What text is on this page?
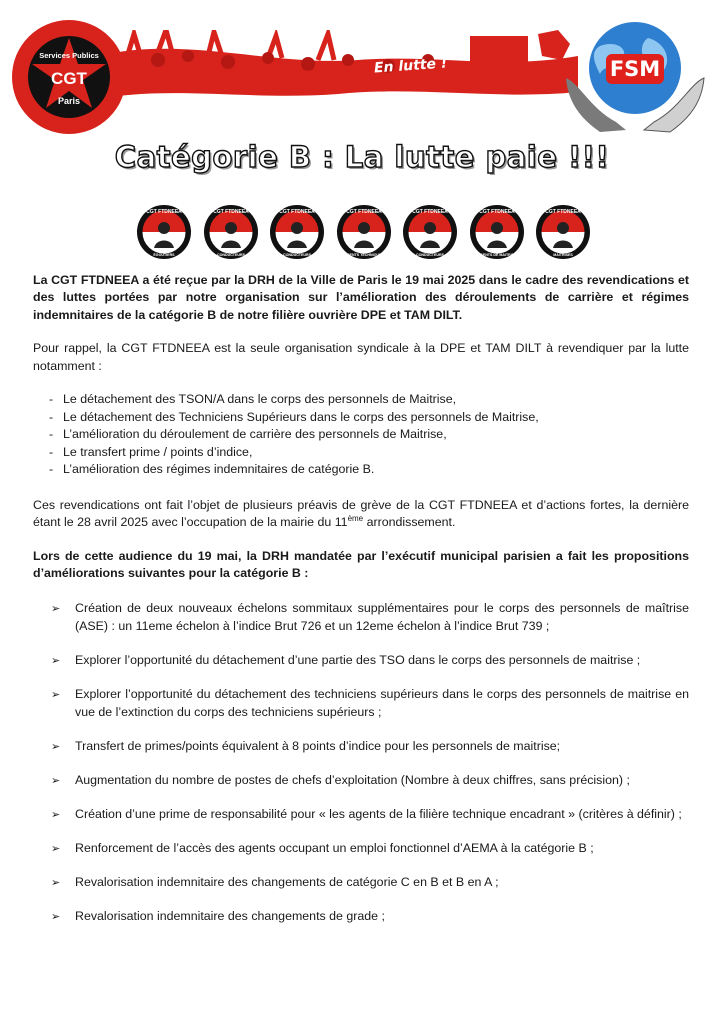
En lutte !
Services Publics
CGT
Paris
FSM
Catégorie B : La lutte paie !!!
CGT FTDNEEA
ÉGOUTIERS
CGT FTDNEEA
CONDUCTEURS
CGT FTDNEEA
CONDUCTEURS
CGT FTDNEEA
AGENTS TECHNIQUES
CGT FTDNEEA
CONDUCTEURS
CGT FTDNEEA
AGENTS DE MAITRISE
CGT FTDNEEA
MAITRISES

La CGT FTDNEEA a été reçue par la DRH de la Ville de Paris le 19 mai 2025 dans le cadre des revendications et des luttes portées par notre organisation sur l’amélioration des déroulements de carrière et régimes indemnitaires de la catégorie B de notre filière ouvrière DPE et TAM DILT.

Pour rappel, la CGT FTDNEEA est la seule organisation syndicale à la DPE et TAM DILT à revendiquer par la lutte notamment :

- Le détachement des TSON/A dans le corps des personnels de Maitrise,
- Le détachement des Techniciens Supérieurs dans le corps des personnels de Maitrise,
- L’amélioration du déroulement de carrière des personnels de Maitrise,
- Le transfert prime / points d’indice,
- L’amélioration des régimes indemnitaires de catégorie B.

Ces revendications ont fait l’objet de plusieurs préavis de grève de la CGT FTDNEEA et d’actions fortes, la dernière étant le 28 avril 2025 avec l’occupation de la mairie du 11ème arrondissement.

Lors de cette audience du 19 mai, la DRH mandatée par l’exécutif municipal parisien a fait les propositions d’améliorations suivantes pour la catégorie B :

➢ Création de deux nouveaux échelons sommitaux supplémentaires pour le corps des personnels de maîtrise (ASE) : un 11eme échelon à l’indice Brut 726 et un 12eme échelon à l’indice Brut 739 ;
➢ Explorer l’opportunité du détachement d’une partie des TSO dans le corps des personnels de maitrise ;
➢ Explorer l’opportunité du détachement des techniciens supérieurs dans le corps des personnels de maitrise en vue de l’extinction du corps des techniciens supérieurs ;
➢ Transfert de primes/points équivalent à 8 points d’indice pour les personnels de maitrise;
➢ Augmentation du nombre de postes de chefs d’exploitation (Nombre à deux chiffres, sans précision) ;
➢ Création d’une prime de responsabilité pour « les agents de la filière technique encadrant » (critères à définir) ;
➢ Renforcement de l’accès des agents occupant un emploi fonctionnel d’AEMA à la catégorie B ;
➢ Revalorisation indemnitaire des changements de catégorie C en B et B en A ;
➢ Revalorisation indemnitaire des changements de grade ;
